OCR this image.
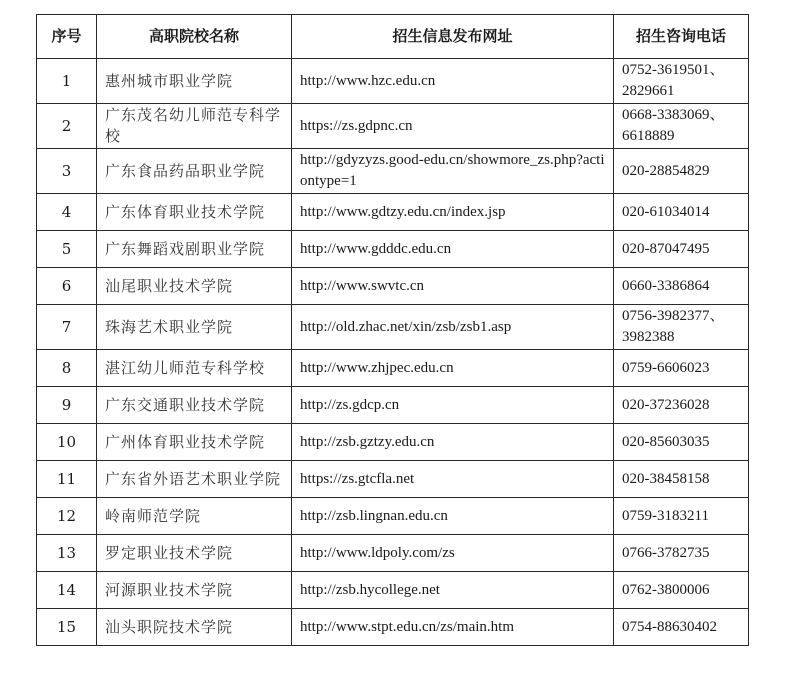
序号	高职院校名称	招生信息发布网址	招生咨询电话
1	惠州城市职业学院	http://www.hzc.edu.cn	0752-3619501、
2829661
2	广东茂名幼儿师范专科学校	https://zs.gdpnc.cn	0668-3383069、
6618889
3	广东食品药品职业学院	http://gdyzyzs.good-edu.cn/showmore_zs.php?actiontype=1	020-28854829
4	广东体育职业技术学院	http://www.gdtzy.edu.cn/index.jsp	020-61034014
5	广东舞蹈戏剧职业学院	http://www.gdddc.edu.cn	020-87047495
6	汕尾职业技术学院	http://www.swvtc.cn	0660-3386864
7	珠海艺术职业学院	http://old.zhac.net/xin/zsb/zsb1.asp	0756-3982377、
3982388
8	湛江幼儿师范专科学校	http://www.zhjpec.edu.cn	0759-6606023
9	广东交通职业技术学院	http://zs.gdcp.cn	020-37236028
10	广州体育职业技术学院	http://zsb.gztzy.edu.cn	020-85603035
11	广东省外语艺术职业学院	https://zs.gtcfla.net	020-38458158
12	岭南师范学院	http://zsb.lingnan.edu.cn	0759-3183211
13	罗定职业技术学院	http://www.ldpoly.com/zs	0766-3782735
14	河源职业技术学院	http://zsb.hycollege.net	0762-3800006
15	汕头职院技术学院	http://www.stpt.edu.cn/zs/main.htm	0754-88630402
